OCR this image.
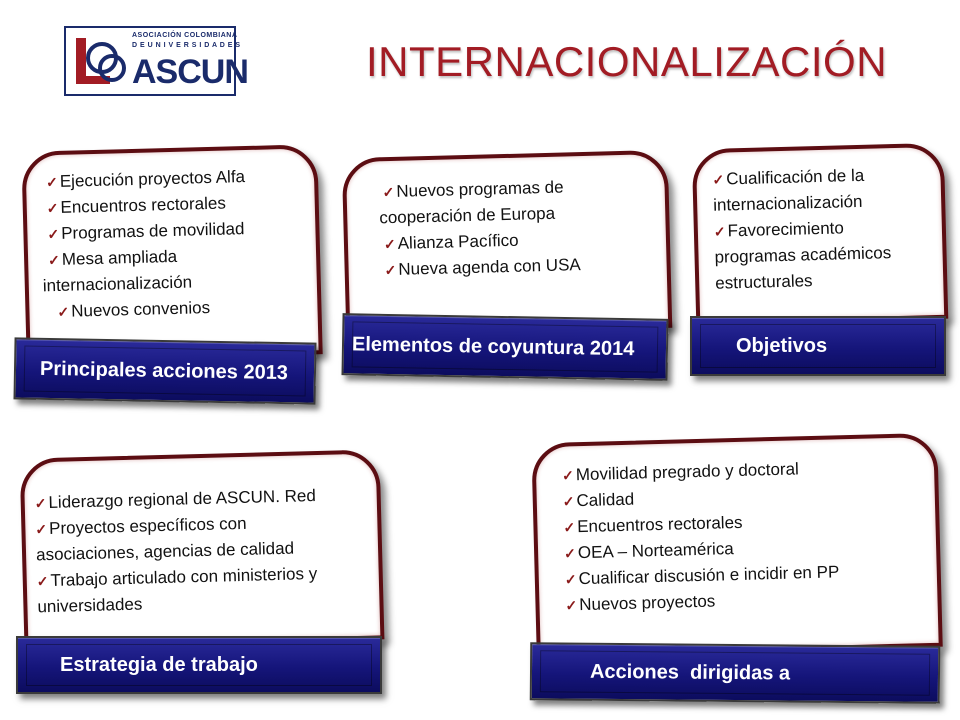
ASOCIACIÓN COLOMBIANA
D E U N I V E R S I D A D E S
ASCUN	INTERNACIONALIZACIÓN
✓Ejecución proyectos Alfa
✓Encuentros rectorales
✓Programas de movilidad
✓Mesa ampliada
internacionalización
✓Nuevos convenios
Principales acciones 2013
✓Nuevos programas de
cooperación de Europa
✓Alianza Pacífico
✓Nueva agenda con USA
Elementos de coyuntura 2014
✓Cualificación de la
internacionalización
✓Favorecimiento
programas académicos
estructurales
Objetivos
✓Liderazgo regional de ASCUN. Red
✓Proyectos específicos con
asociaciones, agencias de calidad
✓Trabajo articulado con ministerios y
universidades
Estrategia de trabajo
✓Movilidad pregrado y doctoral
✓Calidad
✓Encuentros rectorales
✓OEA – Norteamérica
✓Cualificar discusión e incidir en PP
✓Nuevos proyectos
Acciones  dirigidas a
